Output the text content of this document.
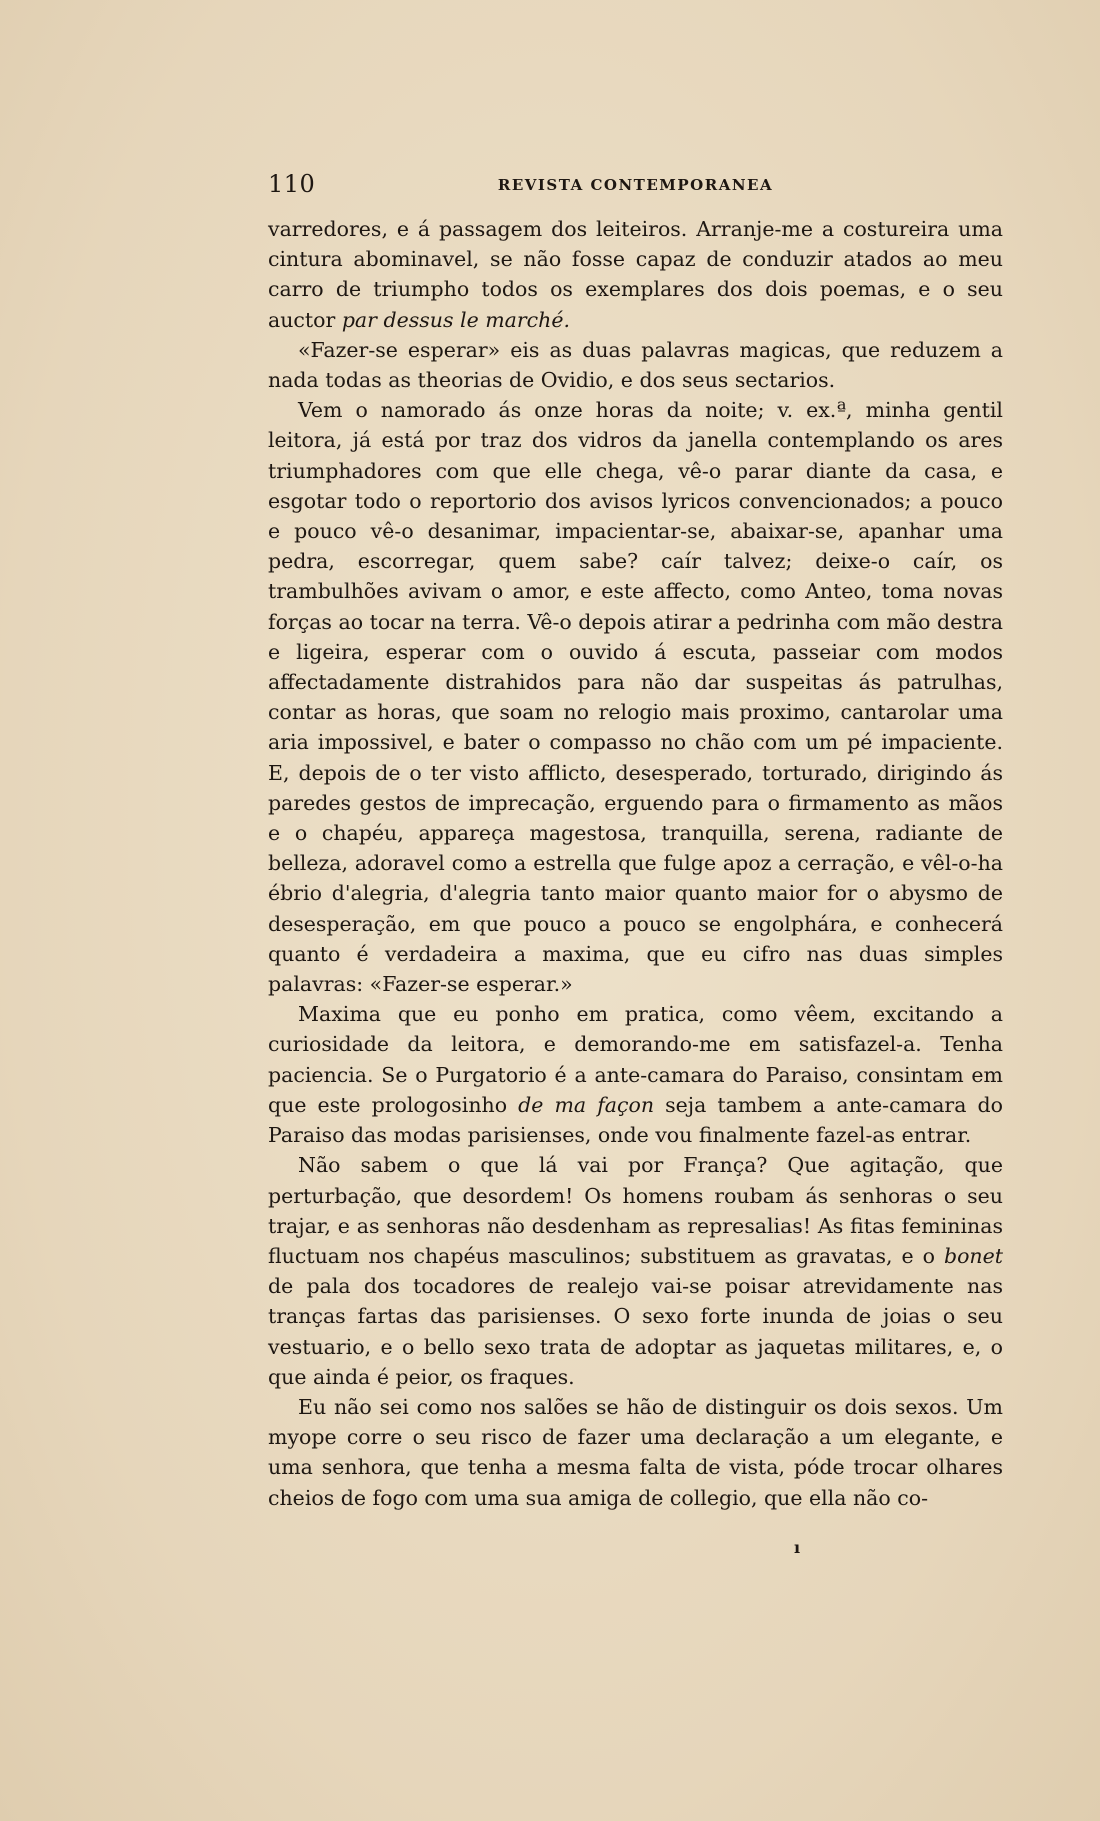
110	REVISTA CONTEMPORANEA

varredores, e á passagem dos leiteiros. Arranje-me a costureira uma cintura abominavel, se não fosse capaz de conduzir atados ao meu carro de triumpho todos os exemplares dos dois poemas, e o seu auctor par dessus le marché.

«Fazer-se esperar» eis as duas palavras magicas, que reduzem a nada todas as theorias de Ovidio, e dos seus sectarios.

Vem o namorado ás onze horas da noite; v. ex.ª, minha gentil leitora, já está por traz dos vidros da janella contemplando os ares triumphadores com que elle chega, vê-o parar diante da casa, e esgotar todo o reportorio dos avisos lyricos convencionados; a pouco e pouco vê-o desanimar, impacientar-se, abaixar-se, apanhar uma pedra, escorregar, quem sabe? caír talvez; deixe-o caír, os trambulhões avivam o amor, e este affecto, como Anteo, toma novas forças ao tocar na terra. Vê-o depois atirar a pedrinha com mão destra e ligeira, esperar com o ouvido á escuta, passeiar com modos affectadamente distrahidos para não dar suspeitas ás patrulhas, contar as horas, que soam no relogio mais proximo, cantarolar uma aria impossivel, e bater o compasso no chão com um pé impaciente. E, depois de o ter visto afflicto, desesperado, torturado, dirigindo ás paredes gestos de imprecação, erguendo para o firmamento as mãos e o chapéu, appareça magestosa, tranquilla, serena, radiante de belleza, adoravel como a estrella que fulge apoz a cerração, e vêl-o-ha ébrio d'alegria, d'alegria tanto maior quanto maior for o abysmo de desesperação, em que pouco a pouco se engolphára, e conhecerá quanto é verdadeira a maxima, que eu cifro nas duas simples palavras: «Fazer-se esperar.»

Maxima que eu ponho em pratica, como vêem, excitando a curiosidade da leitora, e demorando-me em satisfazel-a. Tenha paciencia. Se o Purgatorio é a ante-camara do Paraiso, consintam em que este prologosinho de ma façon seja tambem a ante-camara do Paraiso das modas parisienses, onde vou finalmente fazel-as entrar.

Não sabem o que lá vai por França? Que agitação, que perturbação, que desordem! Os homens roubam ás senhoras o seu trajar, e as senhoras não desdenham as represalias! As fitas femininas fluctuam nos chapéus masculinos; substituem as gravatas, e o bonet de pala dos tocadores de realejo vai-se poisar atrevidamente nas tranças fartas das parisienses. O sexo forte inunda de joias o seu vestuario, e o bello sexo trata de adoptar as jaquetas militares, e, o que ainda é peior, os fraques.

Eu não sei como nos salões se hão de distinguir os dois sexos. Um myope corre o seu risco de fazer uma declaração a um elegante, e uma senhora, que tenha a mesma falta de vista, póde trocar olhares cheios de fogo com uma sua amiga de collegio, que ella não co-

ı
